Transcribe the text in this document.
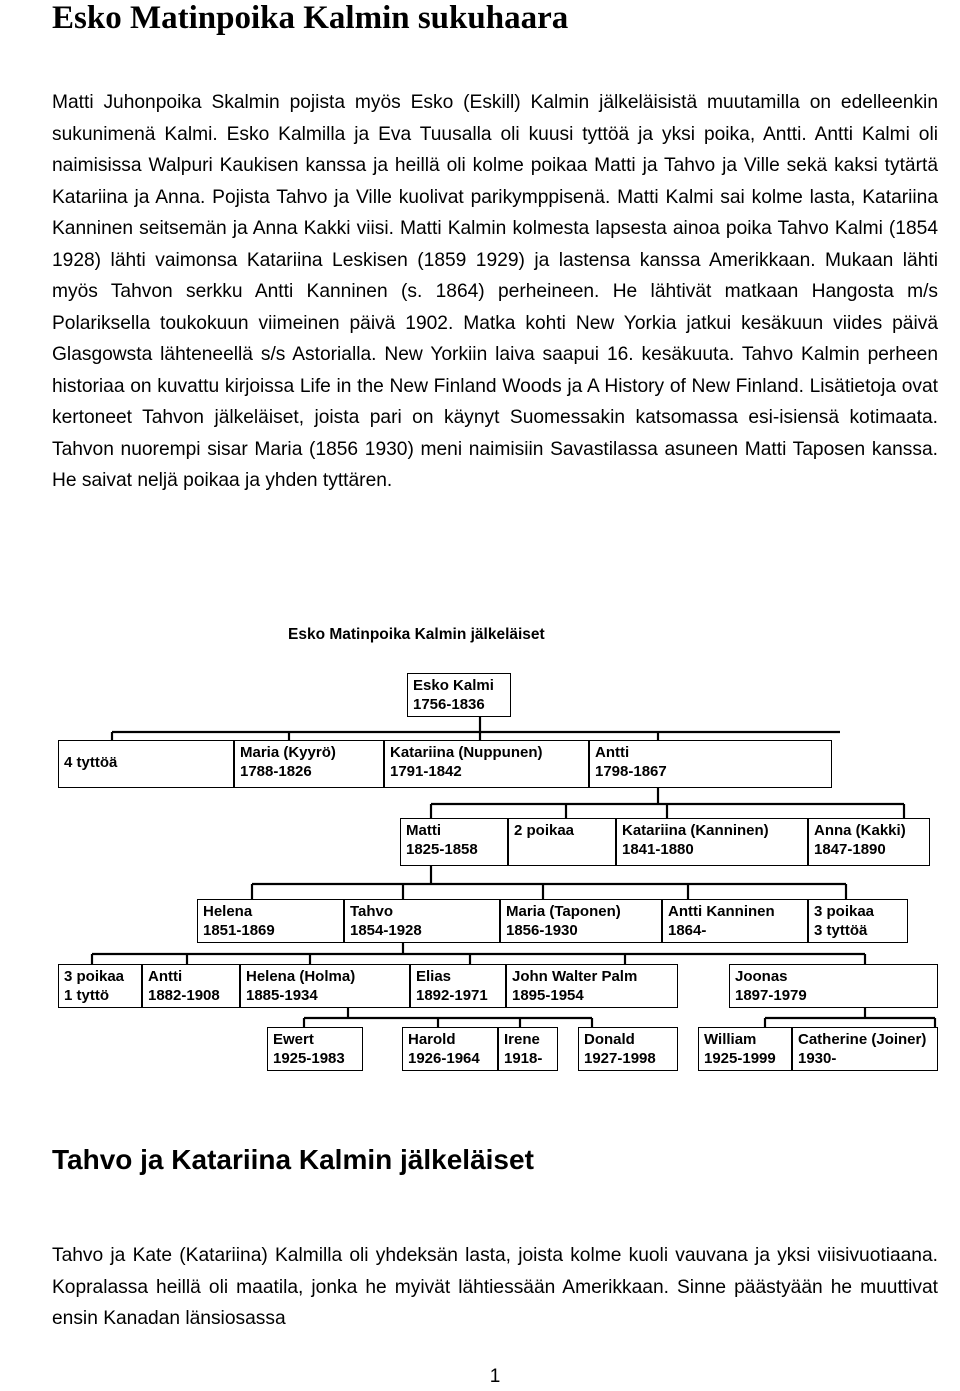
Esko Matinpoika Kalmin sukuhaara

Matti Juhonpoika Skalmin pojista myös Esko (Eskill) Kalmin jälkeläisistä muutamilla on edelleenkin sukunimenä Kalmi. Esko Kalmilla ja Eva Tuusalla oli kuusi tyttöä ja yksi poika, Antti. Antti Kalmi oli naimisissa Walpuri Kaukisen kanssa ja heillä oli kolme poikaa Matti ja Tahvo ja Ville sekä kaksi tytärtä Katariina ja Anna. Pojista Tahvo ja Ville kuolivat parikymppisenä. Matti Kalmi sai kolme lasta, Katariina Kanninen seitsemän ja Anna Kakki viisi. Matti Kalmin kolmesta lapsesta ainoa poika Tahvo Kalmi (1854 1928) lähti vaimonsa Katariina Leskisen (1859 1929) ja lastensa kanssa Amerikkaan. Mukaan lähti myös Tahvon serkku Antti Kanninen (s. 1864) perheineen. He lähtivät matkaan Hangosta m/s Polariksella toukokuun viimeinen päivä 1902. Matka kohti New Yorkia jatkui kesäkuun viides päivä Glasgowsta lähteneellä s/s Astorialla. New Yorkiin laiva saapui 16. kesäkuuta. Tahvo Kalmin perheen historiaa on kuvattu kirjoissa Life in the New Finland Woods ja A History of New Finland. Lisätietoja ovat kertoneet Tahvon jälkeläiset, joista pari on käynyt Suomessakin katsomassa esi-isiensä kotimaata. Tahvon nuorempi sisar Maria (1856 1930) meni naimisiin Savastilassa asuneen Matti Taposen kanssa. He saivat neljä poikaa ja yhden tyttären.

Esko Matinpoika Kalmin jälkeläiset
Esko Kalmi
1756-1836
4 tyttöä
Maria (Kyyrö)
1788-1826
Katariina (Nuppunen)
1791-1842
Antti
1798-1867
Matti
1825-1858
2 poikaa	Katariina (Kanninen)
1841-1880
Anna (Kakki)
1847-1890
Helena
1851-1869
Tahvo
1854-1928
Maria (Taponen)
1856-1930
Antti Kanninen
1864-
3 poikaa
3 tyttöä
3 poikaa
1 tyttö
Antti
1882-1908
Helena (Holma)
1885-1934
Elias
1892-1971
John Walter Palm
1895-1954
Joonas
1897-1979
Ewert
1925-1983
Harold
1926-1964
Irene
1918-
Donald
1927-1998
William
1925-1999
Catherine (Joiner)
1930-
Tahvo ja Katariina Kalmin jälkeläiset

Tahvo ja Kate (Katariina) Kalmilla oli yhdeksän lasta, joista kolme kuoli vauvana ja yksi viisivuotiaana. Kopralassa heillä oli maatila, jonka he myivät lähtiessään Amerikkaan. Sinne päästyään he muuttivat ensin Kanadan länsiosassa

1
